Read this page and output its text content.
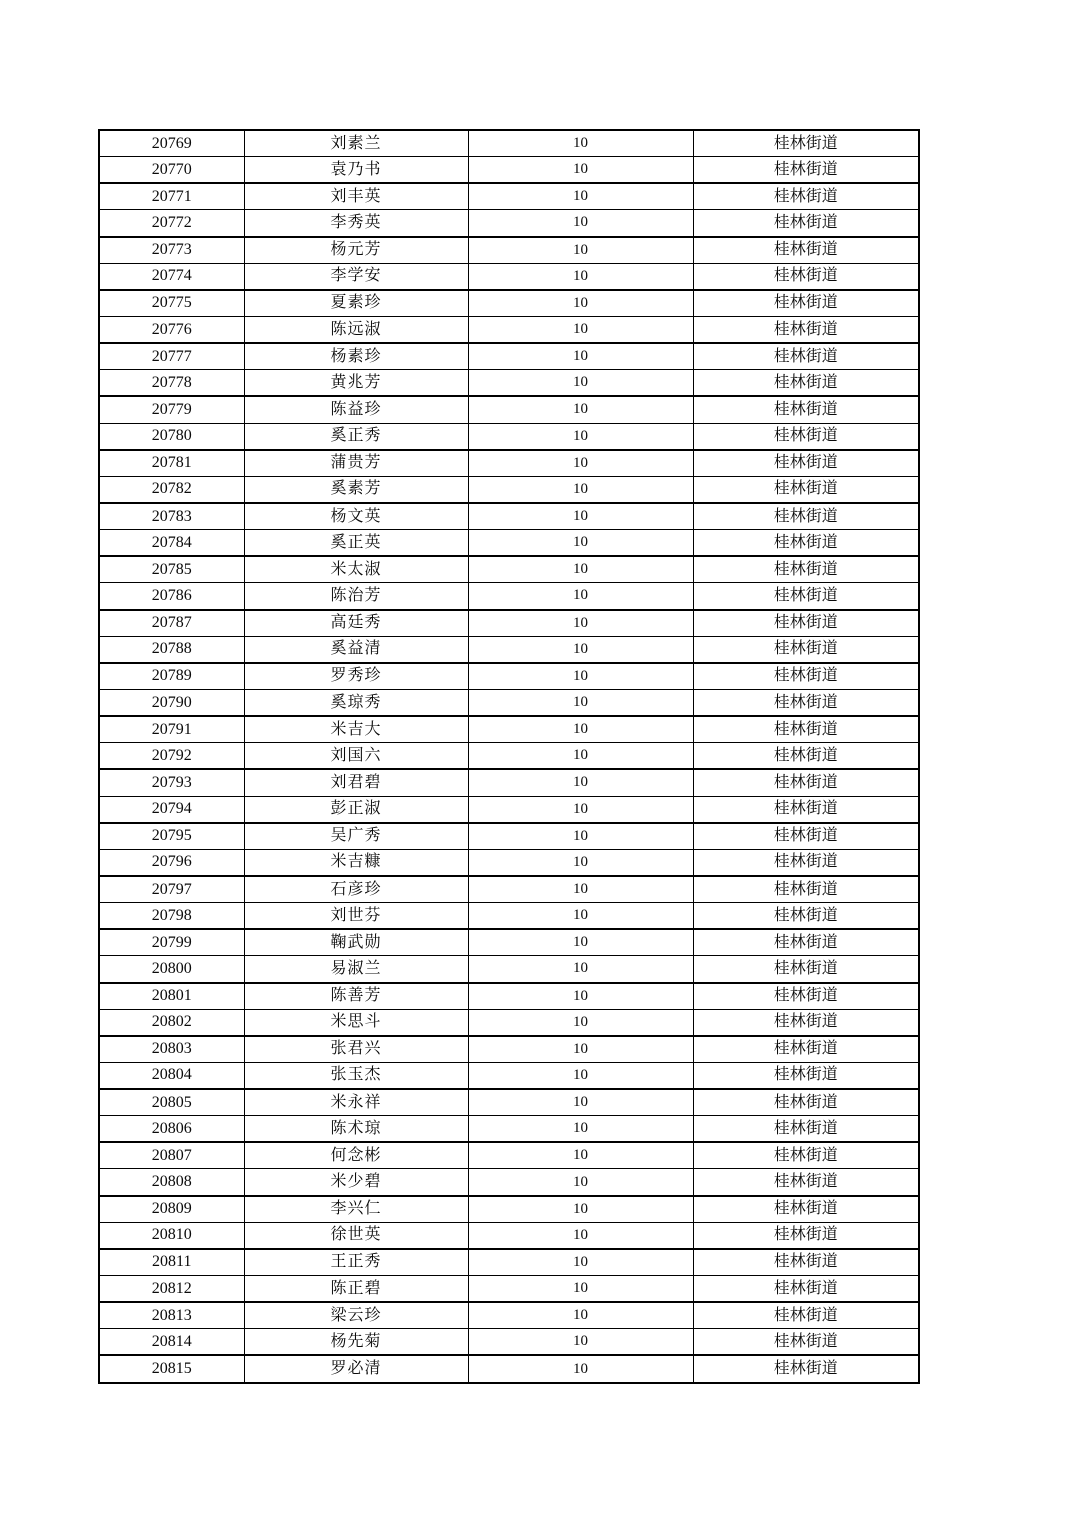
20769	刘素兰	10	桂林街道
20770	袁乃书	10	桂林街道
20771	刘丰英	10	桂林街道
20772	李秀英	10	桂林街道
20773	杨元芳	10	桂林街道
20774	李学安	10	桂林街道
20775	夏素珍	10	桂林街道
20776	陈远淑	10	桂林街道
20777	杨素珍	10	桂林街道
20778	黄兆芳	10	桂林街道
20779	陈益珍	10	桂林街道
20780	奚正秀	10	桂林街道
20781	蒲贵芳	10	桂林街道
20782	奚素芳	10	桂林街道
20783	杨文英	10	桂林街道
20784	奚正英	10	桂林街道
20785	米太淑	10	桂林街道
20786	陈治芳	10	桂林街道
20787	高廷秀	10	桂林街道
20788	奚益清	10	桂林街道
20789	罗秀珍	10	桂林街道
20790	奚琼秀	10	桂林街道
20791	米吉大	10	桂林街道
20792	刘国六	10	桂林街道
20793	刘君碧	10	桂林街道
20794	彭正淑	10	桂林街道
20795	吴广秀	10	桂林街道
20796	米吉糠	10	桂林街道
20797	石彦珍	10	桂林街道
20798	刘世芬	10	桂林街道
20799	鞠武勋	10	桂林街道
20800	易淑兰	10	桂林街道
20801	陈善芳	10	桂林街道
20802	米思斗	10	桂林街道
20803	张君兴	10	桂林街道
20804	张玉杰	10	桂林街道
20805	米永祥	10	桂林街道
20806	陈术琼	10	桂林街道
20807	何念彬	10	桂林街道
20808	米少碧	10	桂林街道
20809	李兴仁	10	桂林街道
20810	徐世英	10	桂林街道
20811	王正秀	10	桂林街道
20812	陈正碧	10	桂林街道
20813	梁云珍	10	桂林街道
20814	杨先菊	10	桂林街道
20815	罗必清	10	桂林街道
